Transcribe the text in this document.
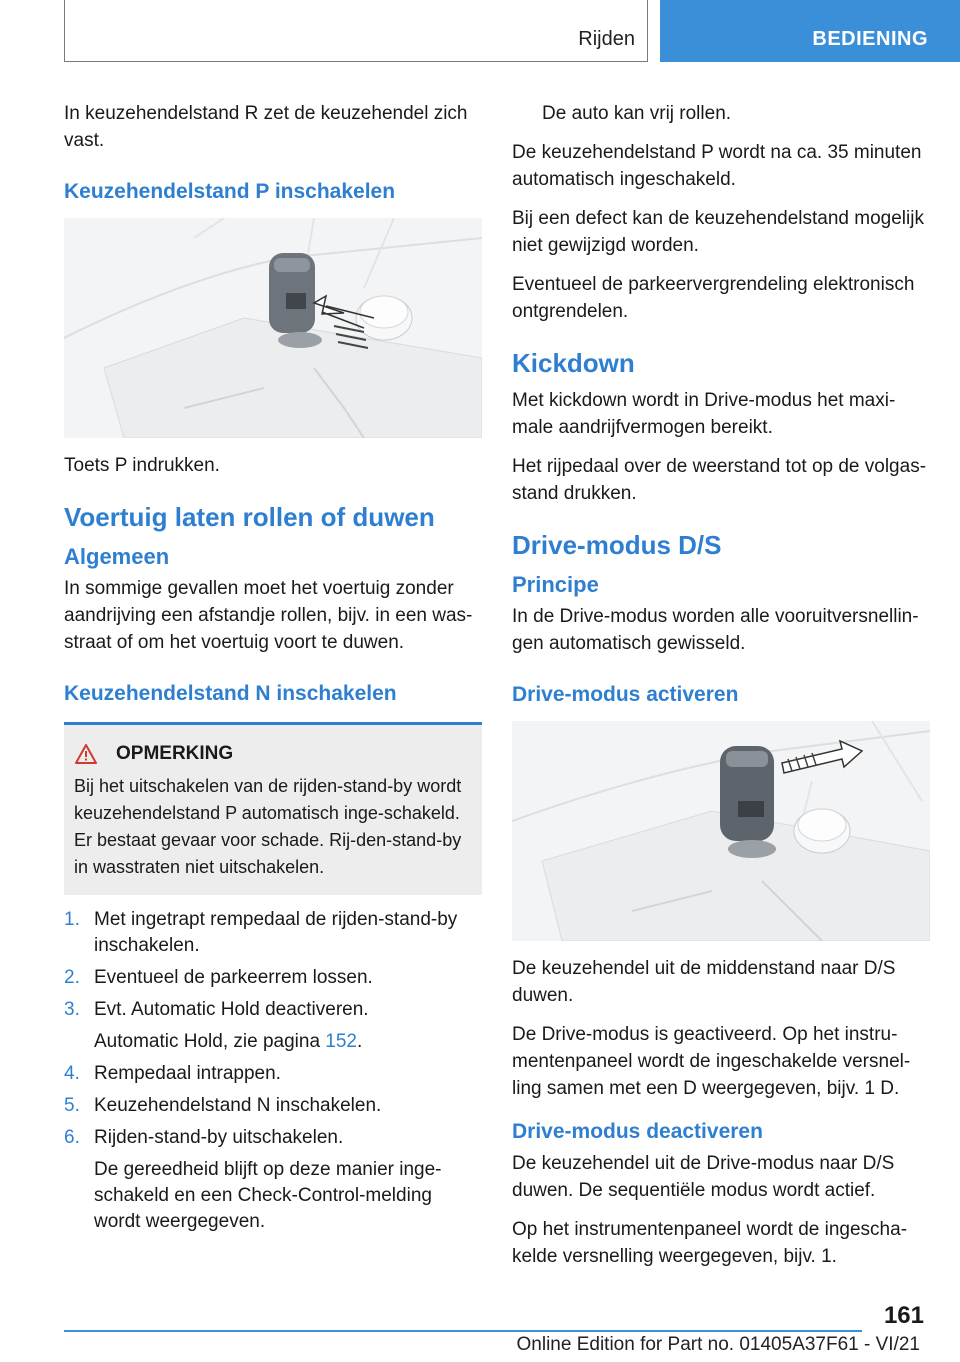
Rijden	BEDIENING

In keuzehendelstand R zet de keuzehendel zich vast.

Keuzehendelstand P inschakelen

Toets P indrukken.

Voertuig laten rollen of duwen
Algemeen

In sommige gevallen moet het voertuig zonder aandrijving een afstandje rollen, bijv. in een was-straat of om het voertuig voort te duwen.

Keuzehendelstand N inschakelen
OPMERKING

Bij het uitschakelen van de rijden-stand-by wordt keuzehendelstand P automatisch inge-schakeld. Er bestaat gevaar voor schade. Rij-den-stand-by in wasstraten niet uitschakelen.

1. Met ingetrapt rempedaal de rijden-stand-by inschakelen.
2. Eventueel de parkeerrem lossen.
3. Evt. Automatic Hold deactiveren.
Automatic Hold, zie pagina 152.
4. Rempedaal intrappen.
5. Keuzehendelstand N inschakelen.
6. Rijden-stand-by uitschakelen.
De gereedheid blijft op deze manier inge-schakeld en een Check-Control-melding wordt weergegeven.

De auto kan vrij rollen.

De keuzehendelstand P wordt na ca. 35 minuten automatisch ingeschakeld.

Bij een defect kan de keuzehendelstand mogelijk niet gewijzigd worden.

Eventueel de parkeervergrendeling elektronisch ontgrendelen.

Kickdown

Met kickdown wordt in Drive-modus het maxi-male aandrijfvermogen bereikt.

Het rijpedaal over de weerstand tot op de volgas-stand drukken.

Drive-modus D/S
Principe

In de Drive-modus worden alle vooruitversnellin-gen automatisch gewisseld.

Drive-modus activeren

De keuzehendel uit de middenstand naar D/S duwen.

De Drive-modus is geactiveerd. Op het instru-mentenpaneel wordt de ingeschakelde versnel-ling samen met een D weergegeven, bijv. 1 D.

Drive-modus deactiveren

De keuzehendel uit de Drive-modus naar D/S duwen. De sequentiële modus wordt actief.

Op het instrumentenpaneel wordt de ingescha-kelde versnelling weergegeven, bijv. 1.

161
Online Edition for Part no. 01405A37F61 - VI/21
